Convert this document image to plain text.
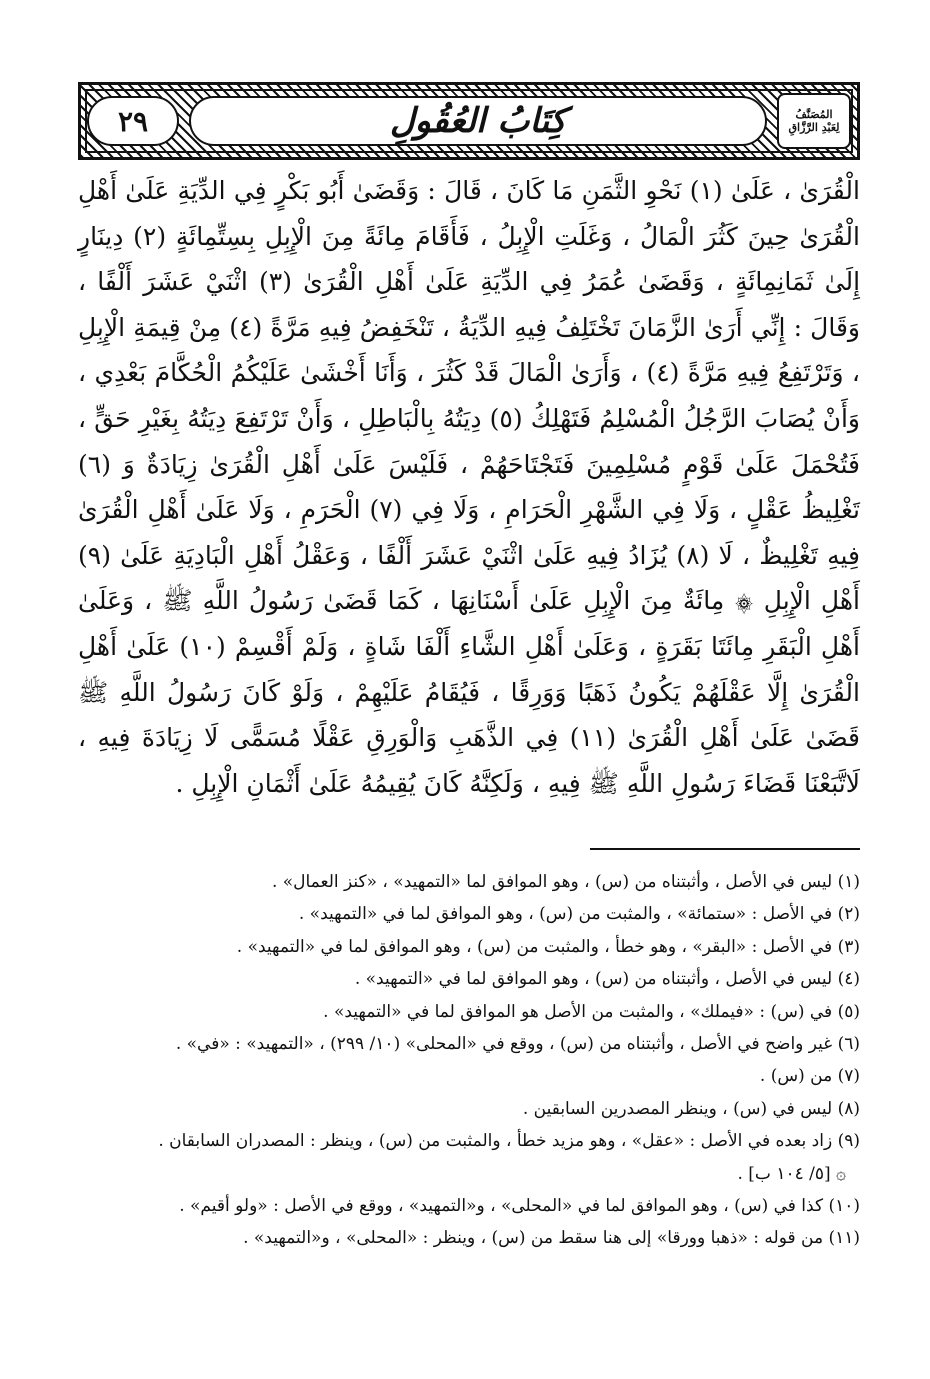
٢٩	كِتَابُ العُقُولِ	المُصَنَّفُ
لِعَبْدِ الرَّزَّاقِ

الْقُرَىٰ ، عَلَىٰ (١) نَحْوِ الثَّمَنِ مَا كَانَ ، قَالَ : وَقَضَىٰ أَبُو بَكْرٍ فِي الدِّيَةِ عَلَىٰ أَهْلِ الْقُرَىٰ حِينَ كَثُرَ الْمَالُ ، وَغَلَتِ الْإِبِلُ ، فَأَقَامَ مِائَةً مِنَ الْإِبِلِ بِسِتِّمِائَةٍ (٢) دِينَارٍ إِلَىٰ ثَمَانِمِائَةٍ ، وَقَضَىٰ عُمَرُ فِي الدِّيَةِ عَلَىٰ أَهْلِ الْقُرَىٰ (٣) اثْنَيْ عَشَرَ أَلْفًا ، وَقَالَ : إِنِّي أَرَىٰ الزَّمَانَ تَخْتَلِفُ فِيهِ الدِّيَةُ ، تَنْخَفِضُ فِيهِ مَرَّةً (٤) مِنْ قِيمَةِ الْإِبِلِ ، وَتَرْتَفِعُ فِيهِ مَرَّةً (٤) ، وَأَرَىٰ الْمَالَ قَدْ كَثُرَ ، وَأَنَا أَخْشَىٰ عَلَيْكُمُ الْحُكَّامَ بَعْدِي ، وَأَنْ يُصَابَ الرَّجُلُ الْمُسْلِمُ فَتَهْلِكُ (٥) دِيَتُهُ بِالْبَاطِلِ ، وَأَنْ تَرْتَفِعَ دِيَتُهُ بِغَيْرِ حَقٍّ ، فَتُحْمَلَ عَلَىٰ قَوْمٍ مُسْلِمِينَ فَتَجْتَاحَهُمْ ، فَلَيْسَ عَلَىٰ أَهْلِ الْقُرَىٰ زِيَادَةٌ وَ (٦) تَغْلِيظُ عَقْلٍ ، وَلَا فِي الشَّهْرِ الْحَرَامِ ، وَلَا فِي (٧) الْحَرَمِ ، وَلَا عَلَىٰ أَهْلِ الْقُرَىٰ فِيهِ تَغْلِيظٌ ، لَا (٨) يُزَادُ فِيهِ عَلَىٰ اثْنَيْ عَشَرَ أَلْفًا ، وَعَقْلُ أَهْلِ الْبَادِيَةِ عَلَىٰ (٩) أَهْلِ الْإِبِلِ ۞ مِائَةٌ مِنَ الْإِبِلِ عَلَىٰ أَسْنَانِهَا ، كَمَا قَضَىٰ رَسُولُ اللَّهِ ﷺ ، وَعَلَىٰ أَهْلِ الْبَقَرِ مِائَتَا بَقَرَةٍ ، وَعَلَىٰ أَهْلِ الشَّاءِ أَلْفَا شَاةٍ ، وَلَمْ أَقْسِمْ (١٠) عَلَىٰ أَهْلِ الْقُرَىٰ إِلَّا عَقْلَهُمْ يَكُونُ ذَهَبًا وَوَرِقًا ، فَيُقَامُ عَلَيْهِمْ ، وَلَوْ كَانَ رَسُولُ اللَّهِ ﷺ قَضَىٰ عَلَىٰ أَهْلِ الْقُرَىٰ (١١) فِي الذَّهَبِ وَالْوَرِقِ عَقْلًا مُسَمًّى لَا زِيَادَةَ فِيهِ ، لَاتَّبَعْنَا قَضَاءَ رَسُولِ اللَّهِ ﷺ فِيهِ ، وَلَكِنَّهُ كَانَ يُقِيمُهُ عَلَىٰ أَثْمَانِ الْإِبِلِ .

(١) ليس في الأصل ، وأثبتناه من (س) ، وهو الموافق لما «التمهيد» ، «كنز العمال» .

(٢) في الأصل : «ستمائة» ، والمثبت من (س) ، وهو الموافق لما في «التمهيد» .

(٣) في الأصل : «البقر» ، وهو خطأ ، والمثبت من (س) ، وهو الموافق لما في «التمهيد» .

(٤) ليس في الأصل ، وأثبتناه من (س) ، وهو الموافق لما في «التمهيد» .

(٥) في (س) : «فيملك» ، والمثبت من الأصل هو الموافق لما في «التمهيد» .

(٦) غير واضح في الأصل ، وأثبتناه من (س) ، ووقع في «المحلى» (١٠/ ٢٩٩) ، «التمهيد» : «في» .

(٧) من (س) .

(٨) ليس في (س) ، وينظر المصدرين السابقين .

(٩) زاد بعده في الأصل : «عقل» ، وهو مزيد خطأ ، والمثبت من (س) ، وينظر : المصدران السابقان .

۞ [٥/ ١٠٤ ب] .

(١٠) كذا في (س) ، وهو الموافق لما في «المحلى» ، و«التمهيد» ، ووقع في الأصل : «ولو أقيم» .

(١١) من قوله : «ذهبا وورقا» إلى هنا سقط من (س) ، وينظر : «المحلى» ، و«التمهيد» .
